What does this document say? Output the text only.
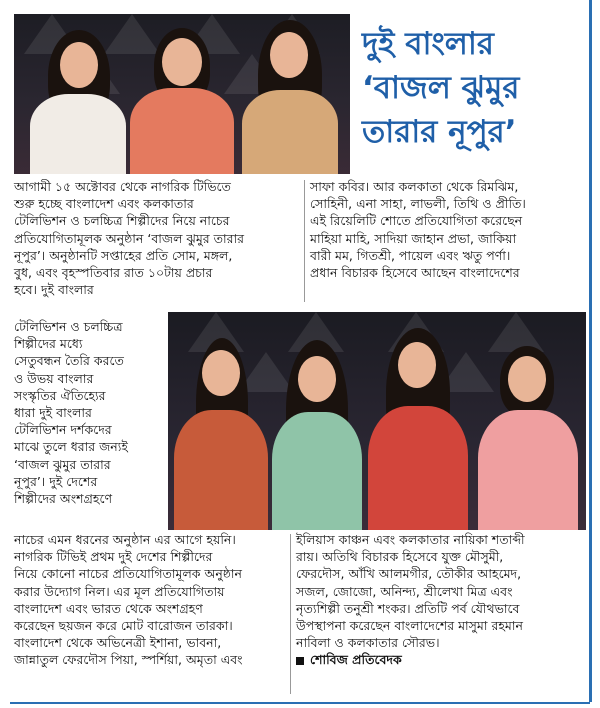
দুই বাংলার
‘বাজল ঝুমুর
তারার নূপুর’
আগামী ১৫ অক্টোবর থেকে নাগরিক টিভিতে
শুরু হচ্ছে বাংলাদেশ এবং কলকাতার
টেলিভিশন ও চলচ্চিত্র শিল্পীদের নিয়ে নাচের
প্রতিযোগিতামূলক অনুষ্ঠান ‘বাজল ঝুমুর তারার
নূপুর’। অনুষ্ঠানটি সপ্তাহের প্রতি সোম, মঙ্গল,
বুধ, এবং বৃহস্পতিবার রাত ১০টায় প্রচার
হবে। দুই বাংলার
টেলিভিশন ও চলচ্চিত্র
শিল্পীদের মধ্যে
সেতুবন্ধন তৈরি করতে
ও উভয় বাংলার
সংস্কৃতির ঐতিহ্যের
ধারা দুই বাংলার
টেলিভিশন দর্শকদের
মাঝে তুলে ধরার জন্যই
‘বাজল ঝুমুর তারার
নূপুর’। দুই দেশের
শিল্পীদের অংশগ্রহণে
সাফা কবির। আর কলকাতা থেকে রিমঝিম,
সোহিনী, এনা সাহা, লাভলী, তিথি ও প্রীতি।
এই রিয়েলিটি শোতে প্রতিযোগিতা করেছেন
মাহিয়া মাহি, সাদিয়া জাহান প্রভা, জাকিয়া
বারী মম, গিতশ্রী, পায়েল এবং ঋতু পর্ণা।
প্রধান বিচারক হিসেবে আছেন বাংলাদেশের
নাচের এমন ধরনের অনুষ্ঠান এর আগে হয়নি।
নাগরিক টিভিই প্রথম দুই দেশের শিল্পীদের
নিয়ে কোনো নাচের প্রতিযোগিতামূলক অনুষ্ঠান
করার উদ্যোগ নিল। এর মূল প্রতিযোগিতায়
বাংলাদেশ এবং ভারত থেকে অংশগ্রহণ
করেছেন ছয়জন করে মোট বারোজন তারকা।
বাংলাদেশ থেকে অভিনেত্রী ইশানা, ভাবনা,
জান্নাতুল ফেরদৌস পিয়া, স্পর্শিয়া, অমৃতা এবং
ইলিয়াস কাঞ্চন এবং কলকাতার নায়িকা শতাব্দী
রায়। অতিথি বিচারক হিসেবে যুক্ত মৌসুমী,
ফেরদৌস, আঁখি আলমগীর, তৌকীর আহমেদ,
সজল, জোজো, অনিন্দ্য, শ্রীলেখা মিত্র এবং
নৃত্যশিল্পী তনুশ্রী শংকর। প্রতিটি পর্ব যৌথভাবে
উপস্থাপনা করেছেন বাংলাদেশের মাসুমা রহমান
নাবিলা ও কলকাতার সৌরভ।
শোবিজ প্রতিবেদক
